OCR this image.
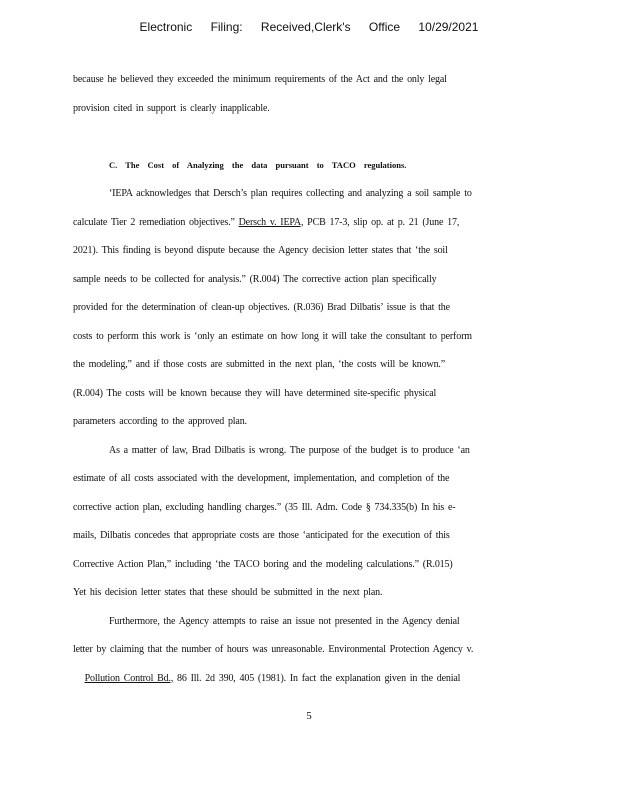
Electronic Filing: Received,Clerk's Office 10/29/2021
because he believed they exceeded the minimum requirements of the Act and the only legal
provision cited in support is clearly inapplicable.
C. The Cost of Analyzing the data pursuant to TACO regulations.
‘IEPA acknowledges that Dersch’s plan requires collecting and analyzing a soil sample to
calculate Tier 2 remediation objectives.” Dersch v. IEPA, PCB 17-3, slip op. at p. 21 (June 17,
2021). This finding is beyond dispute because the Agency decision letter states that ‘the soil
sample needs to be collected for analysis.” (R.004) The corrective action plan specifically
provided for the determination of clean-up objectives. (R.036) Brad Dilbatis’ issue is that the
costs to perform this work is ‘only an estimate on how long it will take the consultant to perform
the modeling,” and if those costs are submitted in the next plan, ‘the costs will be known.”
(R.004) The costs will be known because they will have determined site-specific physical
parameters according to the approved plan.
As a matter of law, Brad Dilbatis is wrong. The purpose of the budget is to produce ‘an
estimate of all costs associated with the development, implementation, and completion of the
corrective action plan, excluding handling charges.” (35 Ill. Adm. Code § 734.335(b) In his e-
mails, Dilbatis concedes that appropriate costs are those ‘anticipated for the execution of this
Corrective Action Plan,” including ‘the TACO boring and the modeling calculations.” (R.015)
Yet his decision letter states that these should be submitted in the next plan.
Furthermore, the Agency attempts to raise an issue not presented in the Agency denial
letter by claiming that the number of hours was unreasonable. Environmental Protection Agency v.
Pollution Control Bd., 86 Ill. 2d 390, 405 (1981). In fact the explanation given in the denial
5
